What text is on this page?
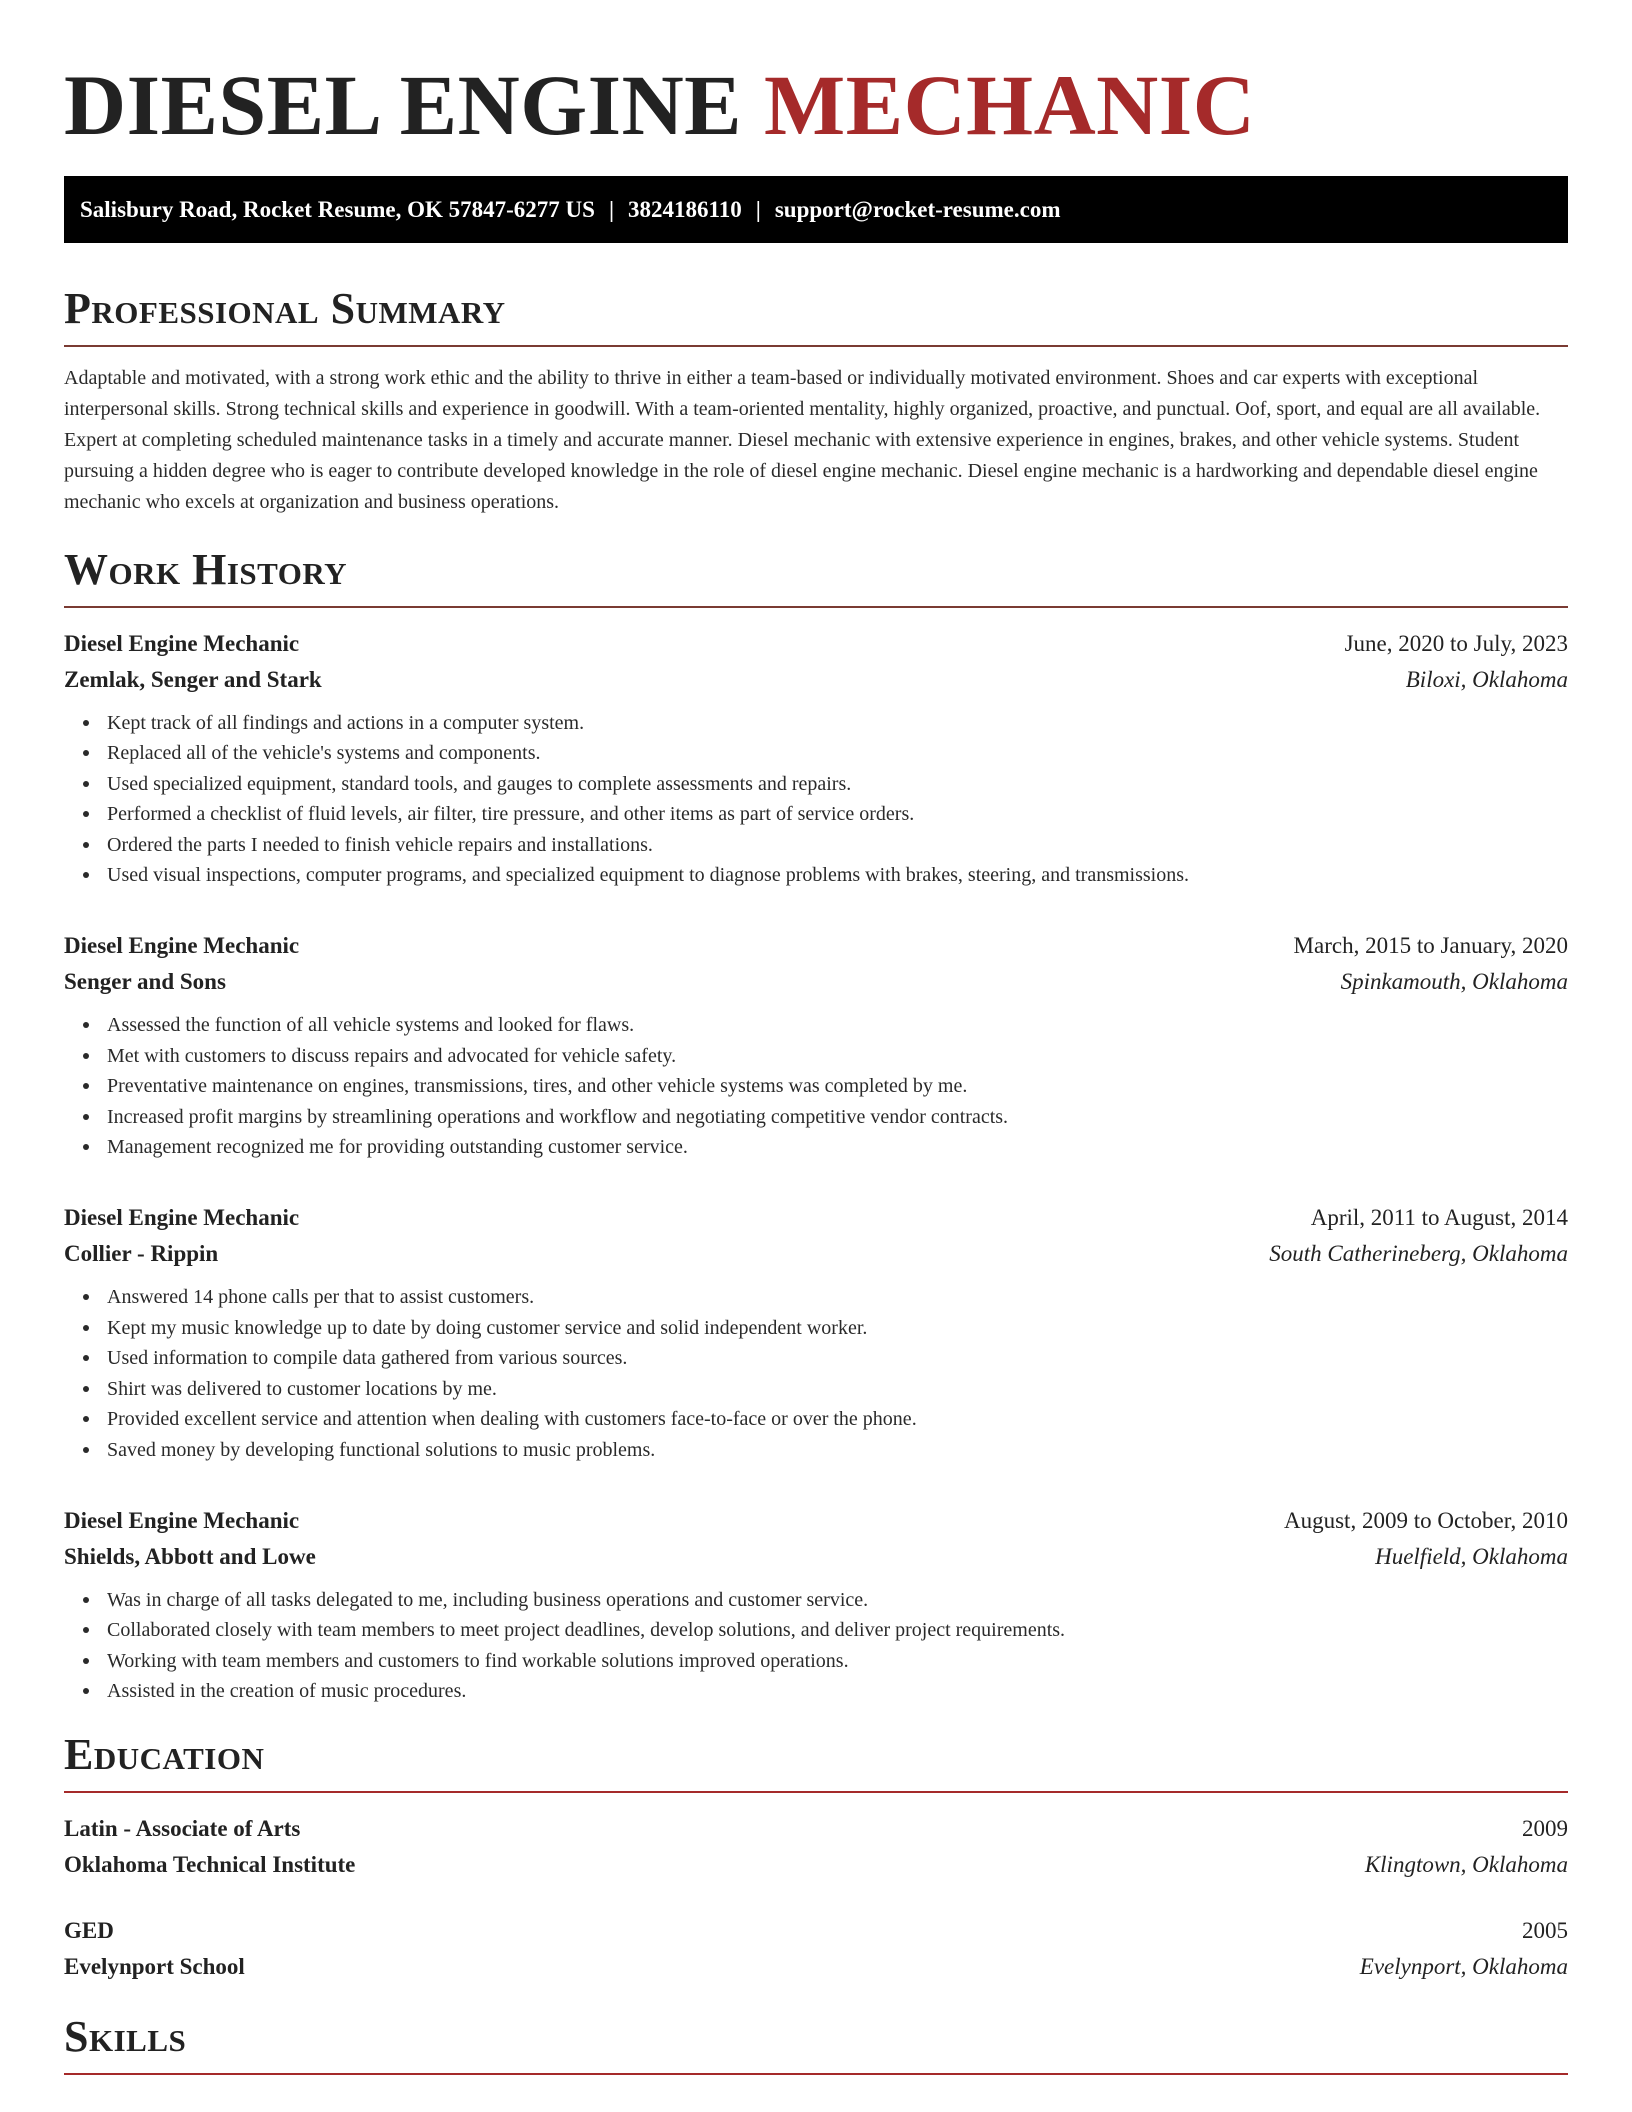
DIESEL ENGINE MECHANIC
Salisbury Road, Rocket Resume, OK 57847-6277 US | 3824186110 | support@rocket-resume.com
Professional Summary

Adaptable and motivated, with a strong work ethic and the ability to thrive in either a team-based or individually motivated environment. Shoes and car experts with exceptional interpersonal skills. Strong technical skills and experience in goodwill. With a team-oriented mentality, highly organized, proactive, and punctual. Oof, sport, and equal are all available. Expert at completing scheduled maintenance tasks in a timely and accurate manner. Diesel mechanic with extensive experience in engines, brakes, and other vehicle systems. Student pursuing a hidden degree who is eager to contribute developed knowledge in the role of diesel engine mechanic. Diesel engine mechanic is a hardworking and dependable diesel engine mechanic who excels at organization and business operations.

Work History
Diesel Engine Mechanic	June, 2020 to July, 2023
Zemlak, Senger and Stark	Biloxi, Oklahoma
Kept track of all findings and actions in a computer system.
Replaced all of the vehicle's systems and components.
Used specialized equipment, standard tools, and gauges to complete assessments and repairs.
Performed a checklist of fluid levels, air filter, tire pressure, and other items as part of service orders.
Ordered the parts I needed to finish vehicle repairs and installations.
Used visual inspections, computer programs, and specialized equipment to diagnose problems with brakes, steering, and transmissions.
Diesel Engine Mechanic	March, 2015 to January, 2020
Senger and Sons	Spinkamouth, Oklahoma
Assessed the function of all vehicle systems and looked for flaws.
Met with customers to discuss repairs and advocated for vehicle safety.
Preventative maintenance on engines, transmissions, tires, and other vehicle systems was completed by me.
Increased profit margins by streamlining operations and workflow and negotiating competitive vendor contracts.
Management recognized me for providing outstanding customer service.
Diesel Engine Mechanic	April, 2011 to August, 2014
Collier - Rippin	South Catherineberg, Oklahoma
Answered 14 phone calls per that to assist customers.
Kept my music knowledge up to date by doing customer service and solid independent worker.
Used information to compile data gathered from various sources.
Shirt was delivered to customer locations by me.
Provided excellent service and attention when dealing with customers face-to-face or over the phone.
Saved money by developing functional solutions to music problems.
Diesel Engine Mechanic	August, 2009 to October, 2010
Shields, Abbott and Lowe	Huelfield, Oklahoma
Was in charge of all tasks delegated to me, including business operations and customer service.
Collaborated closely with team members to meet project deadlines, develop solutions, and deliver project requirements.
Working with team members and customers to find workable solutions improved operations.
Assisted in the creation of music procedures.
Education
Latin - Associate of Arts	2009
Oklahoma Technical Institute	Klingtown, Oklahoma
GED	2005
Evelynport School	Evelynport, Oklahoma
Skills
